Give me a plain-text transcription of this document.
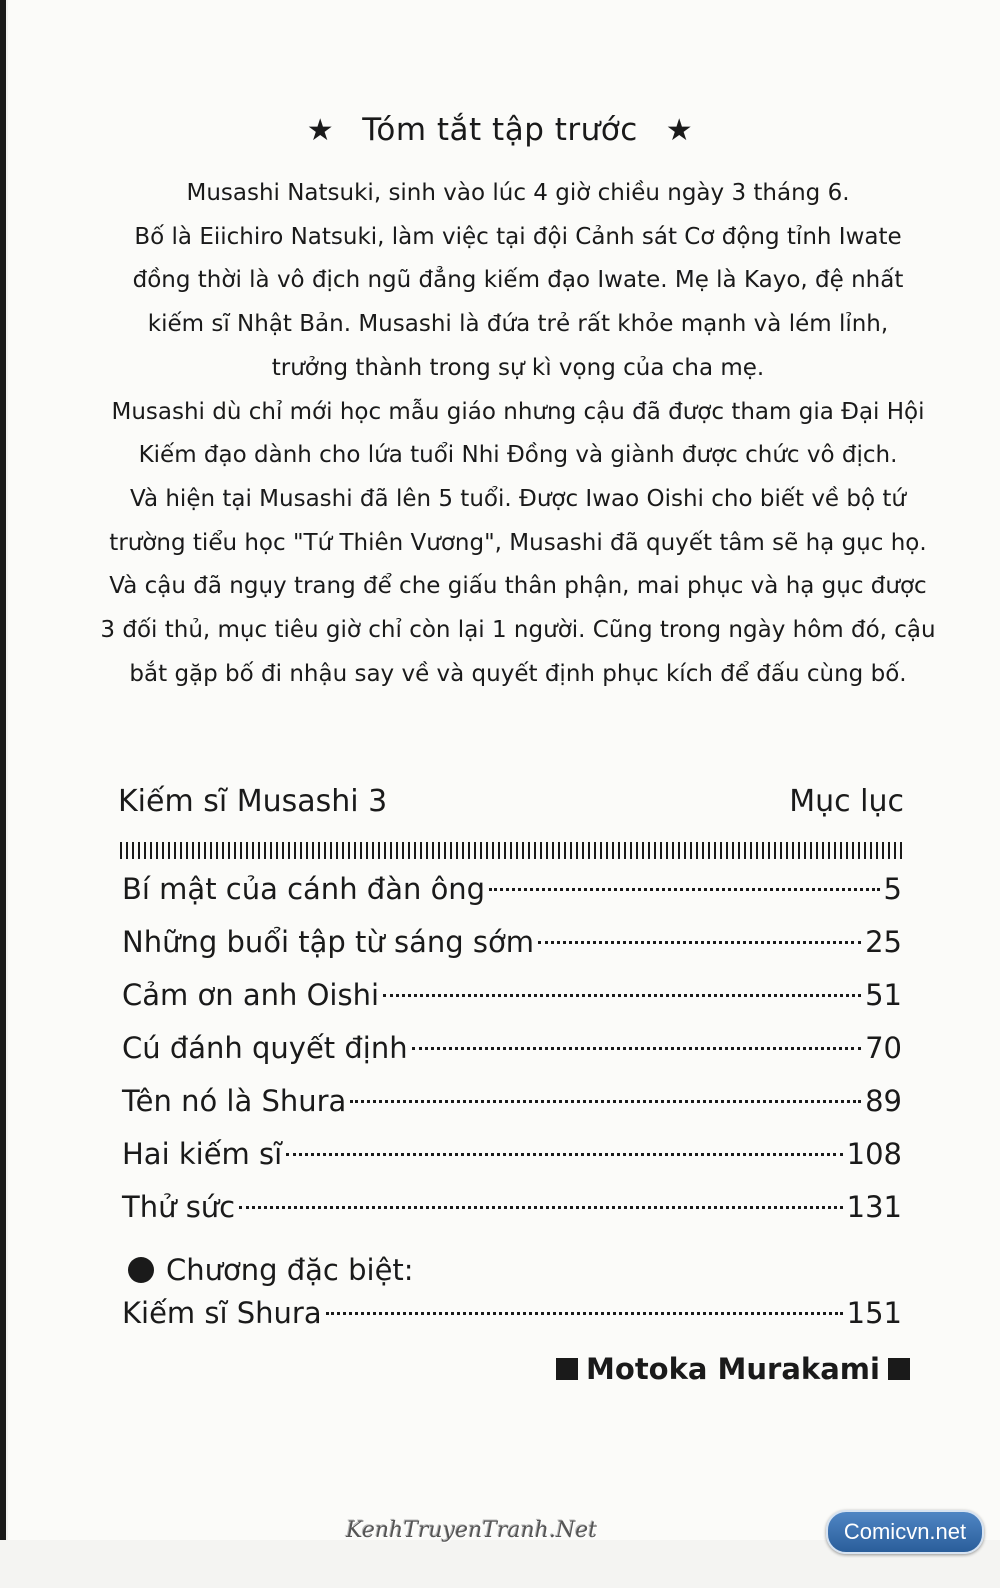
★ Tóm tắt tập trước ★

Musashi Natsuki, sinh vào lúc 4 giờ chiều ngày 3 tháng 6.

Bố là Eiichiro Natsuki, làm việc tại đội Cảnh sát Cơ động tỉnh Iwate

đồng thời là vô địch ngũ đẳng kiếm đạo Iwate. Mẹ là Kayo, đệ nhất

kiếm sĩ Nhật Bản. Musashi là đứa trẻ rất khỏe mạnh và lém lỉnh,

trưởng thành trong sự kì vọng của cha mẹ.

Musashi dù chỉ mới học mẫu giáo nhưng cậu đã được tham gia Đại Hội

Kiếm đạo dành cho lứa tuổi Nhi Đồng và giành được chức vô địch.

Và hiện tại Musashi đã lên 5 tuổi. Được Iwao Oishi cho biết về bộ tứ

trường tiểu học "Tứ Thiên Vương", Musashi đã quyết tâm sẽ hạ gục họ.

Và cậu đã ngụy trang để che giấu thân phận, mai phục và hạ gục được

3 đối thủ, mục tiêu giờ chỉ còn lại 1 người. Cũng trong ngày hôm đó, cậu

bắt gặp bố đi nhậu say về và quyết định phục kích để đấu cùng bố.

Kiếm sĩ Musashi 3	Mục lục
Bí mật của cánh đàn ông	5
Những buổi tập từ sáng sớm	25
Cảm ơn anh Oishi	51
Cú đánh quyết định	70
Tên nó là Shura	89
Hai kiếm sĩ	108
Thử sức	131
Chương đặc biệt:
Kiếm sĩ Shura	151
Motoka Murakami
KenhTruyenTranh.Net	Comicvn.net
